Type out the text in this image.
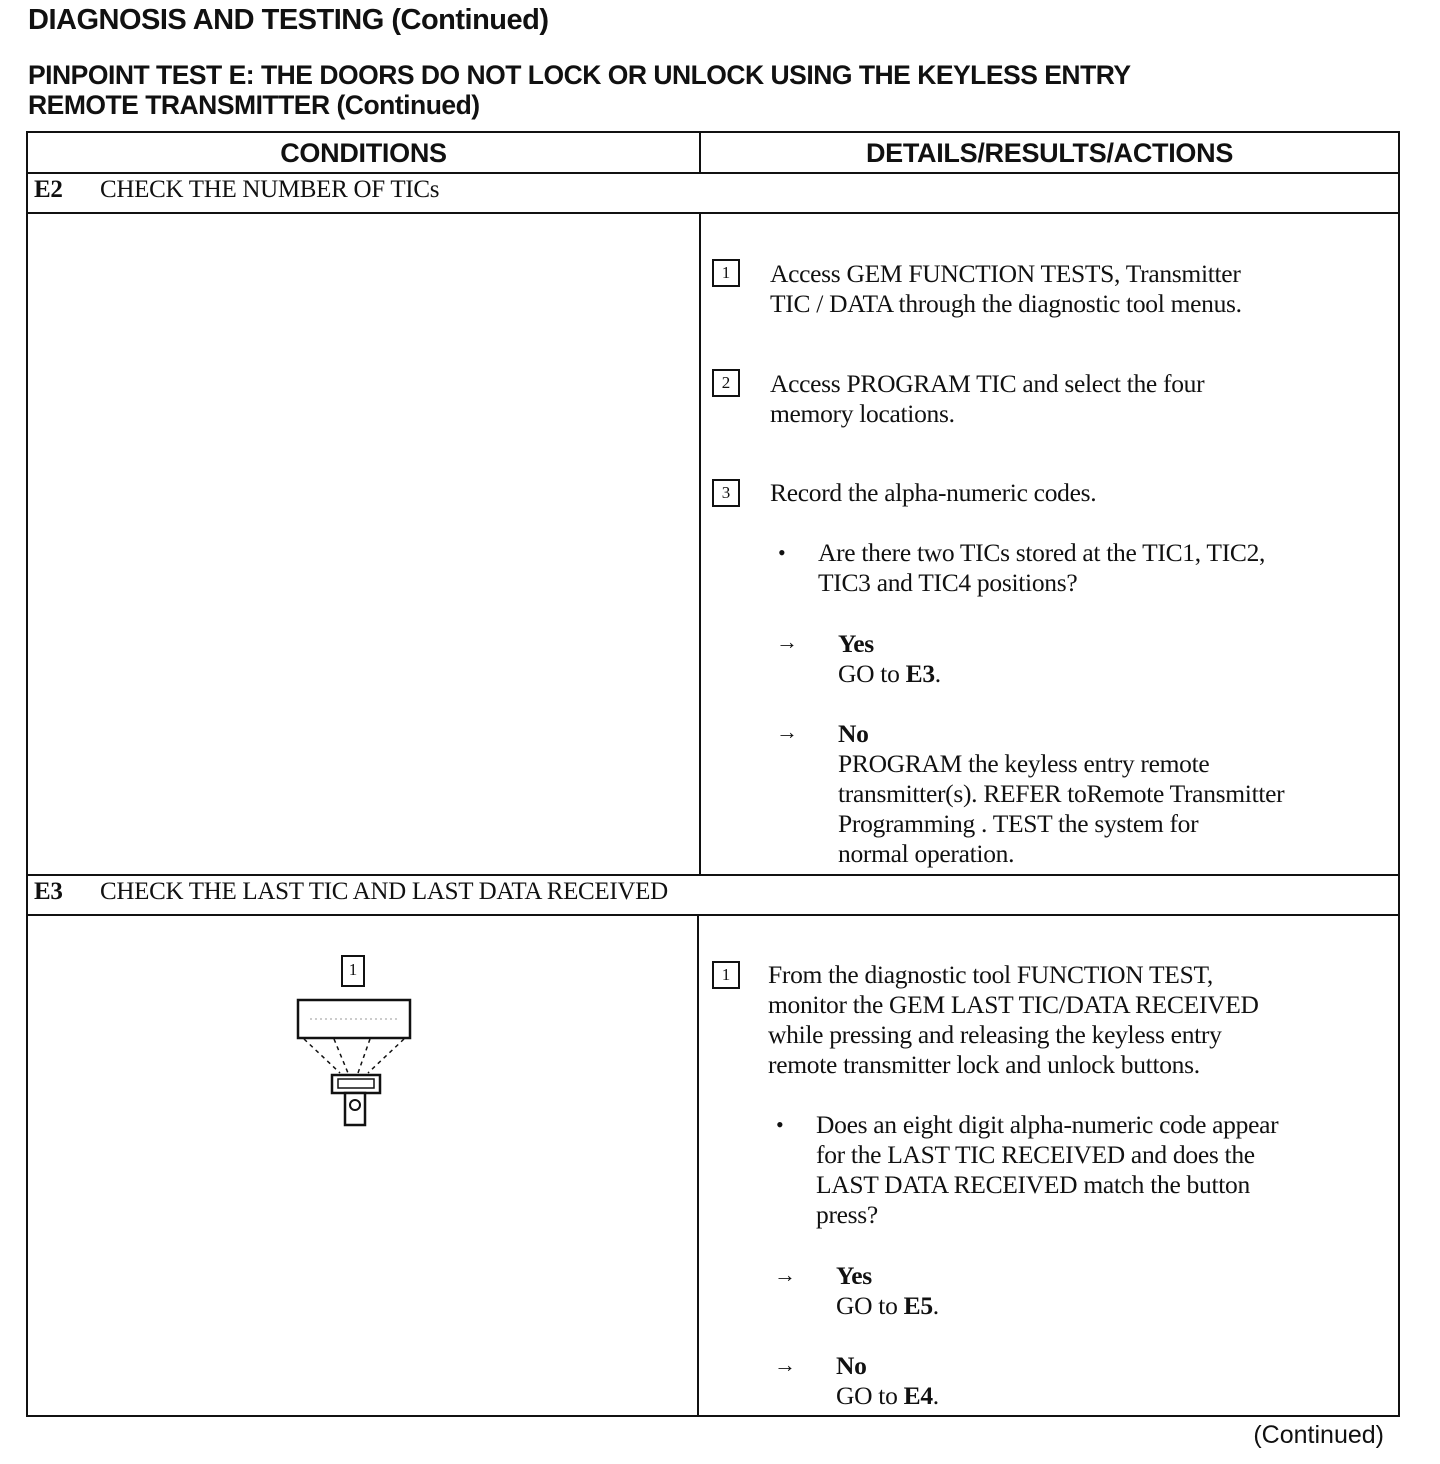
DIAGNOSIS AND TESTING (Continued)
PINPOINT TEST E: THE DOORS DO NOT LOCK OR UNLOCK USING THE KEYLESS ENTRY
REMOTE TRANSMITTER (Continued)
CONDITIONS	DETAILS/RESULTS/ACTIONS
E2 CHECK THE NUMBER OF TICs
1	Access GEM FUNCTION TESTS, Transmitter
TIC / DATA through the diagnostic tool menus.
2	Access PROGRAM TIC and select the four
memory locations.
3	Record the alpha-numeric codes.
• Are there two TICs stored at the TIC1, TIC2,
TIC3 and TIC4 positions?
→ Yes
GO to E3.
→ No
PROGRAM the keyless entry remote
transmitter(s). REFER toRemote Transmitter
Programming . TEST the system for
normal operation.
E3 CHECK THE LAST TIC AND LAST DATA RECEIVED
1	1	From the diagnostic tool FUNCTION TEST,
monitor the GEM LAST TIC/DATA RECEIVED
while pressing and releasing the keyless entry
remote transmitter lock and unlock buttons.
• Does an eight digit alpha-numeric code appear
for the LAST TIC RECEIVED and does the
LAST DATA RECEIVED match the button
press?
→ Yes
GO to E5.
→ No
GO to E4.
(Continued)
